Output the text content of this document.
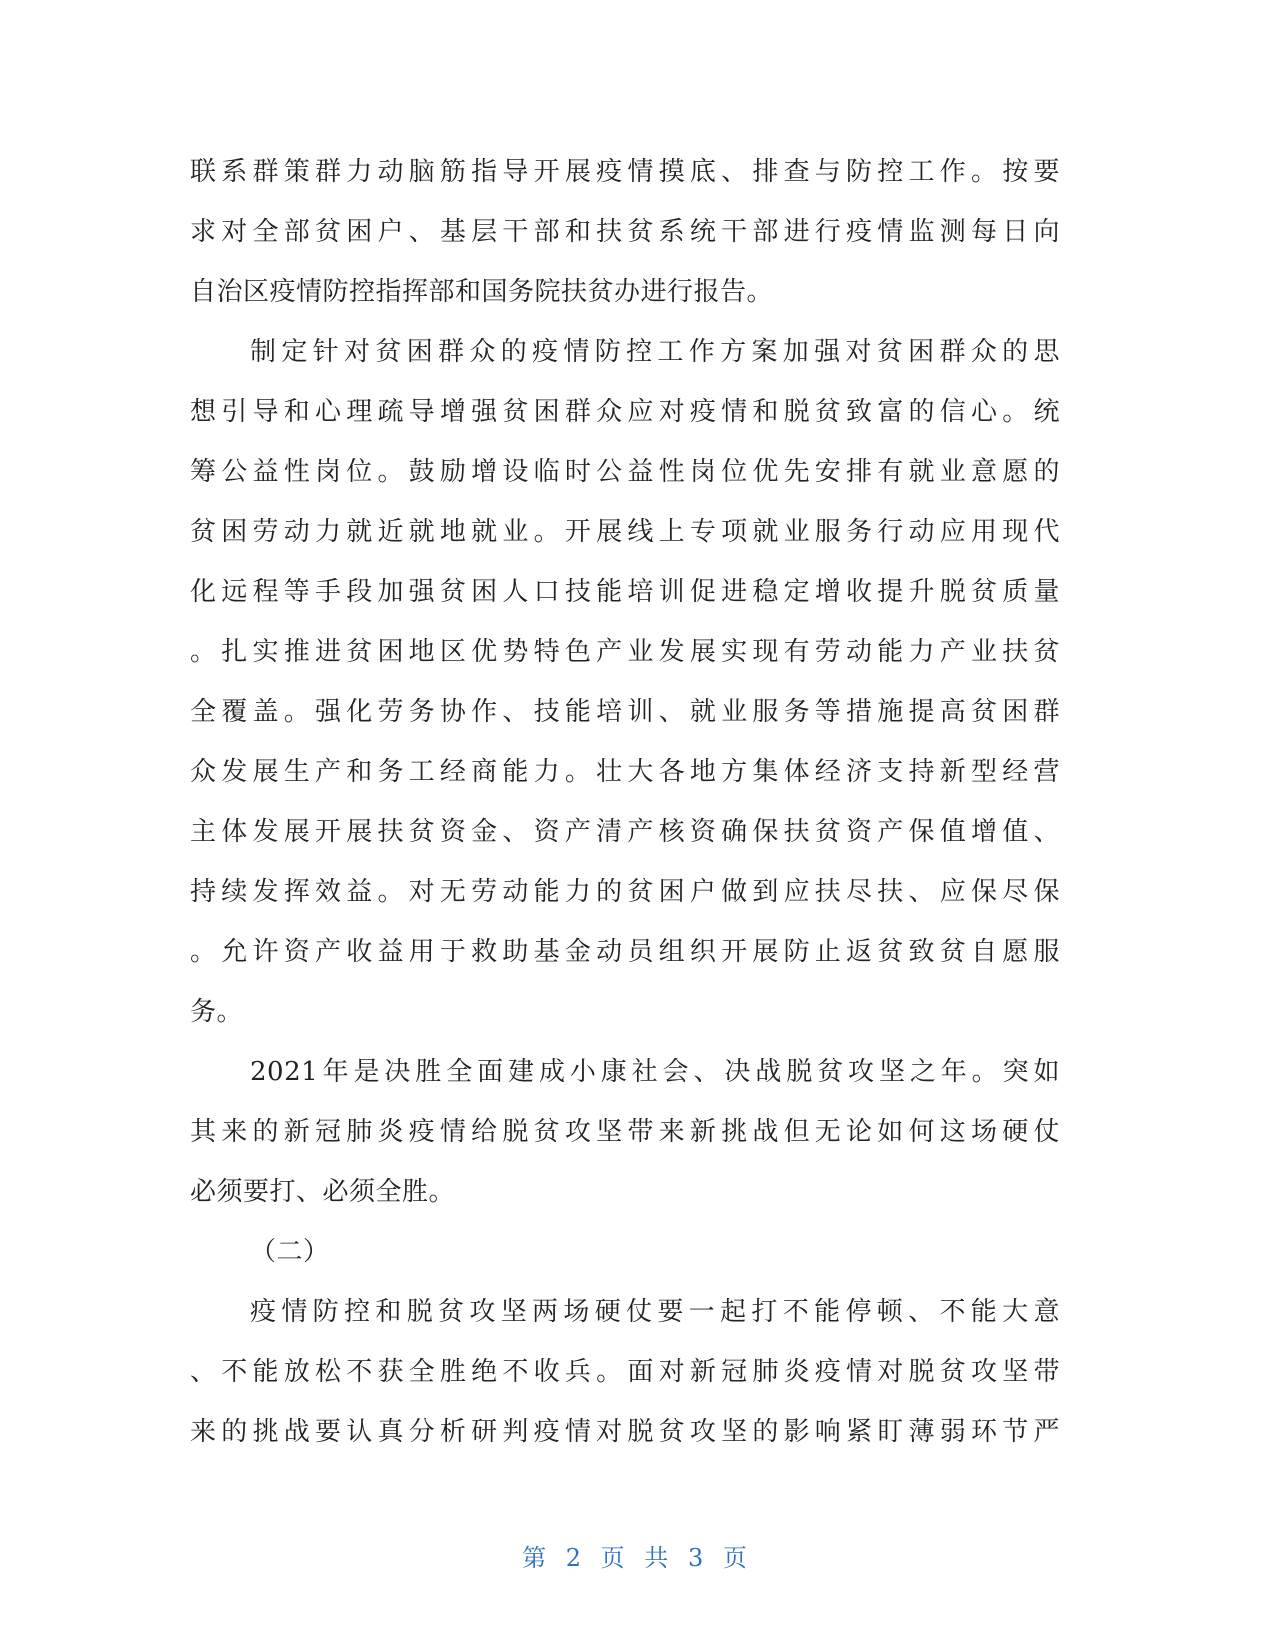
联系群策群力动脑筋指导开展疫情摸底、排查与防控工作。按要
求对全部贫困户、基层干部和扶贫系统干部进行疫情监测每日向
自治区疫情防控指挥部和国务院扶贫办进行报告。
制定针对贫困群众的疫情防控工作方案加强对贫困群众的思
想引导和心理疏导增强贫困群众应对疫情和脱贫致富的信心。统
筹公益性岗位。鼓励增设临时公益性岗位优先安排有就业意愿的
贫困劳动力就近就地就业。开展线上专项就业服务行动应用现代
化远程等手段加强贫困人口技能培训促进稳定增收提升脱贫质量
。扎实推进贫困地区优势特色产业发展实现有劳动能力产业扶贫
全覆盖。强化劳务协作、技能培训、就业服务等措施提高贫困群
众发展生产和务工经商能力。壮大各地方集体经济支持新型经营
主体发展开展扶贫资金、资产清产核资确保扶贫资产保值增值、
持续发挥效益。对无劳动能力的贫困户做到应扶尽扶、应保尽保
。允许资产收益用于救助基金动员组织开展防止返贫致贫自愿服
务。
2021年是决胜全面建成小康社会、决战脱贫攻坚之年。突如
其来的新冠肺炎疫情给脱贫攻坚带来新挑战但无论如何这场硬仗
必须要打、必须全胜。
（二）
疫情防控和脱贫攻坚两场硬仗要一起打不能停顿、不能大意
、不能放松不获全胜绝不收兵。面对新冠肺炎疫情对脱贫攻坚带
来的挑战要认真分析研判疫情对脱贫攻坚的影响紧盯薄弱环节严
第 2 页 共 3 页
